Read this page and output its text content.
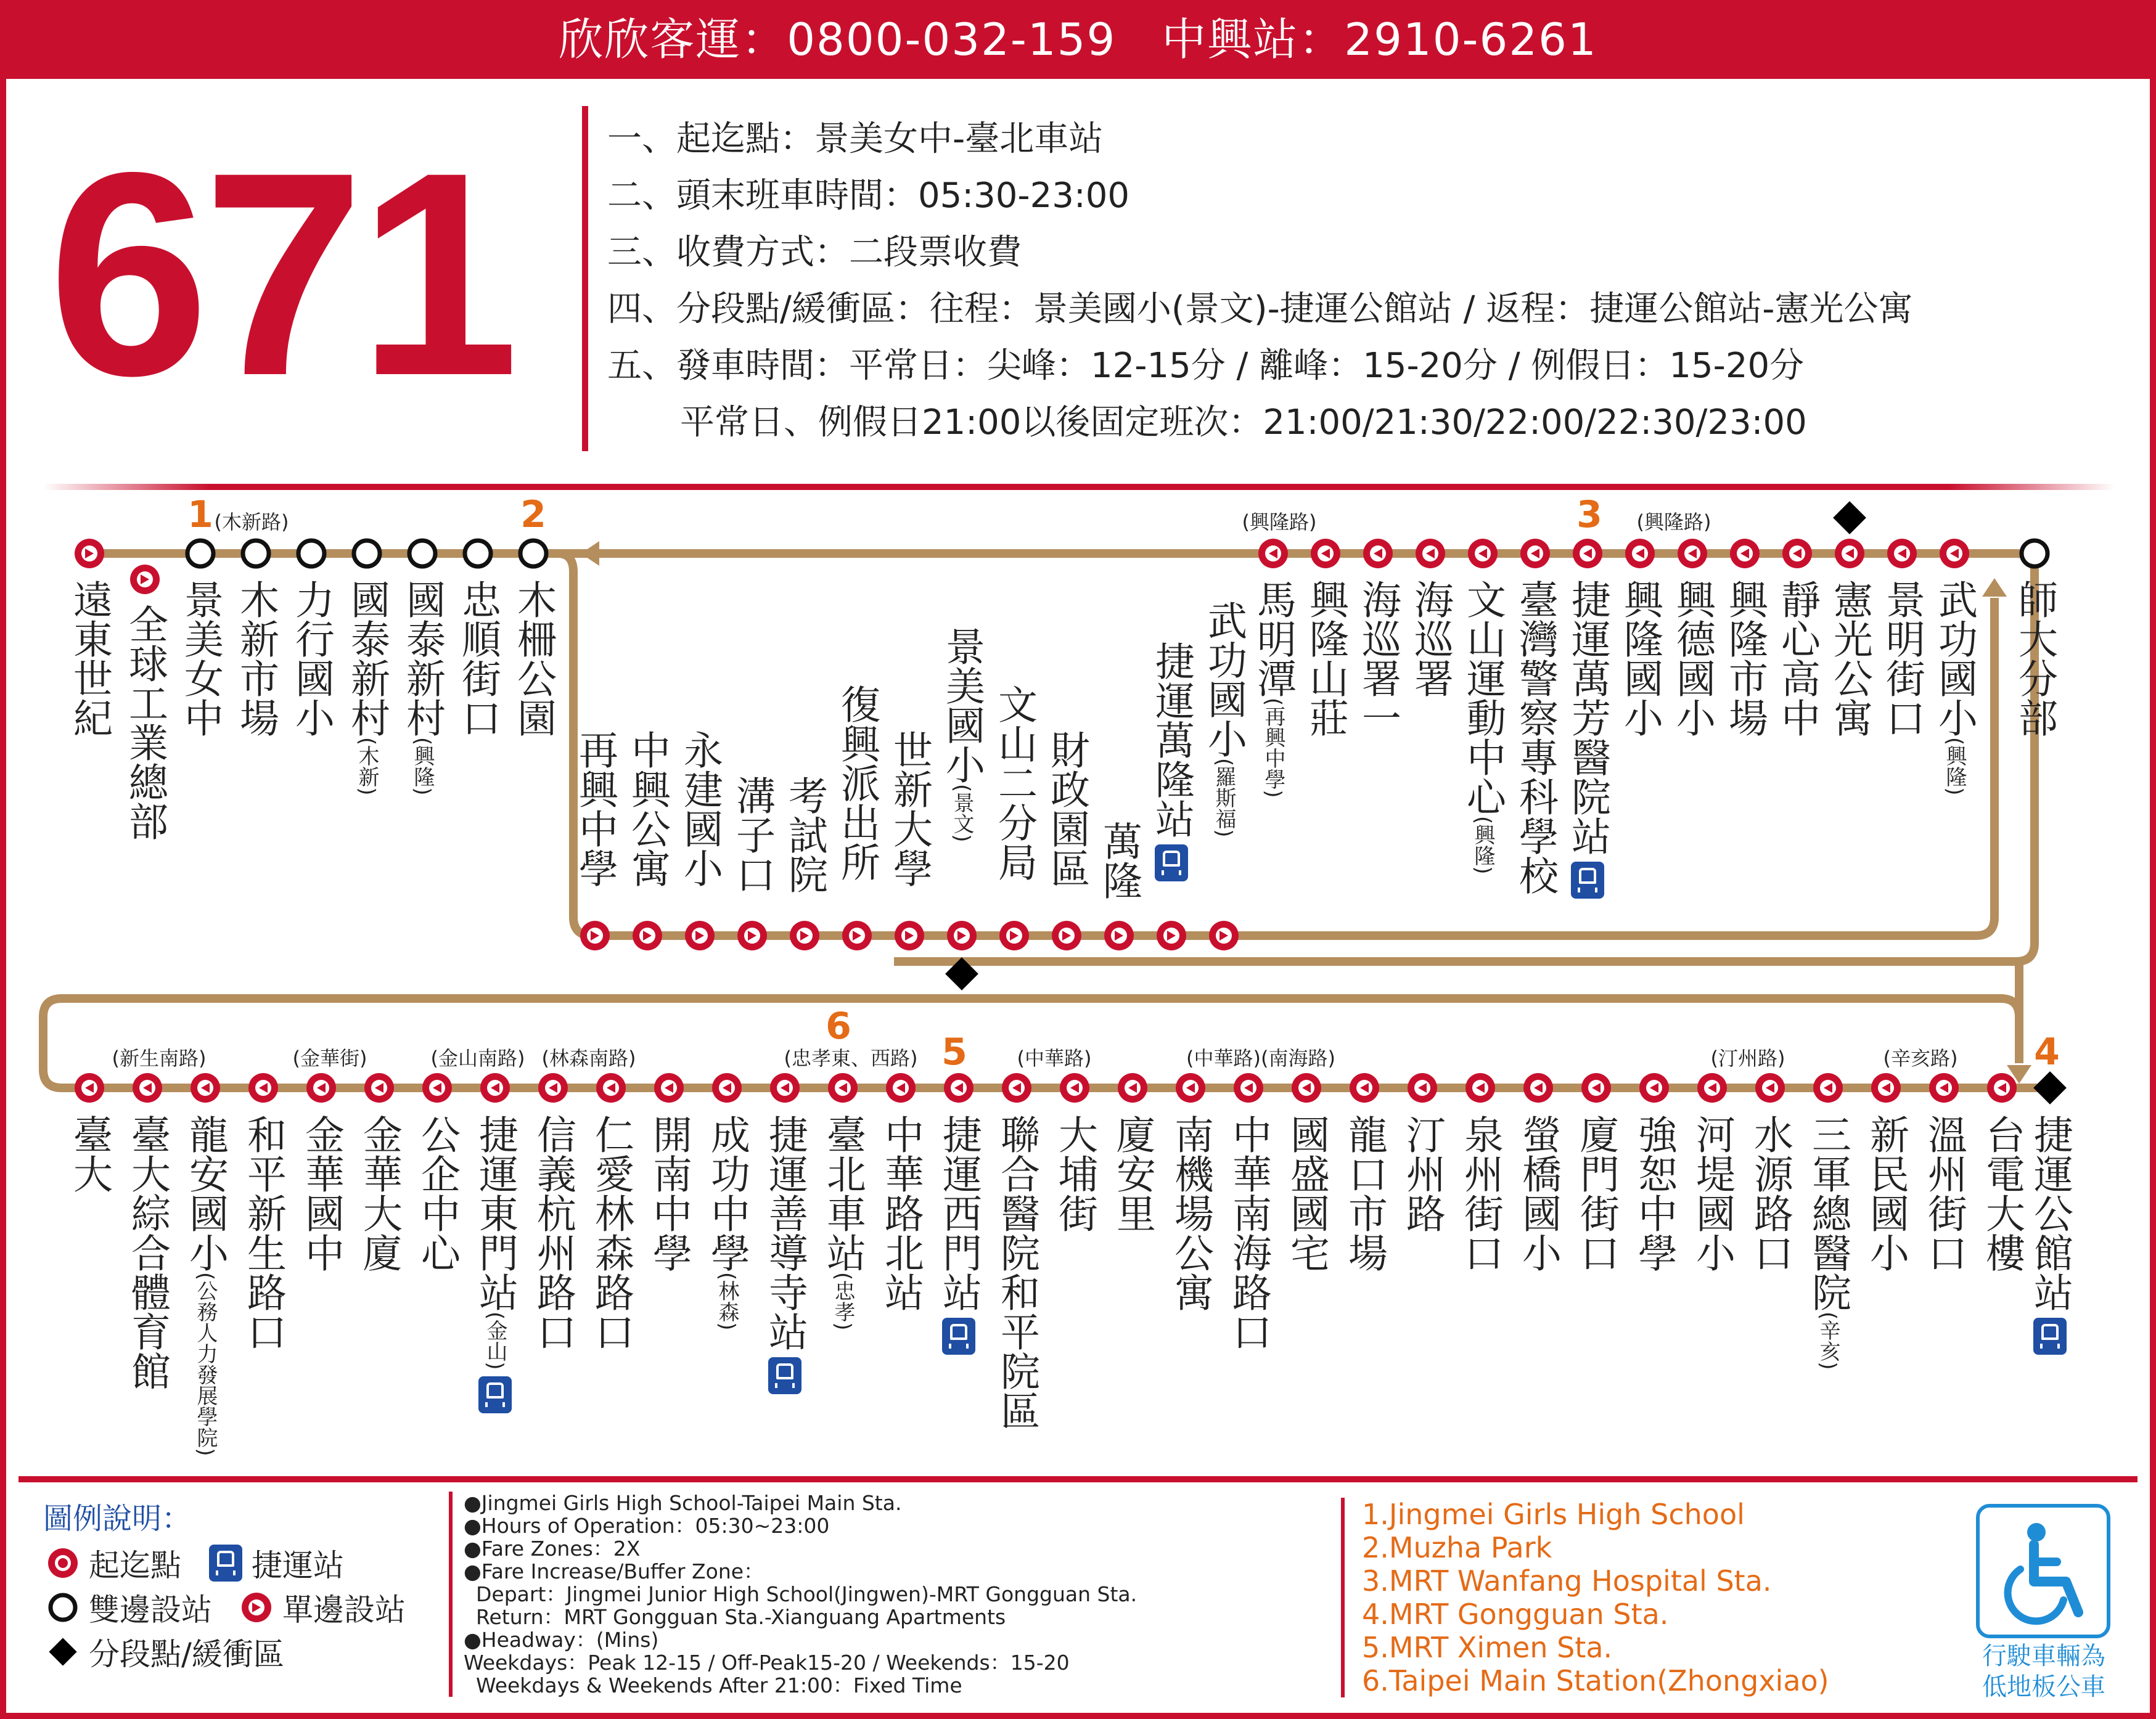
欣欣客運：0800-032-159　中興站：2910-6261
671	一、起迄點：景美女中-臺北車站
二、頭末班車時間：05:30-23:00
三、收費方式：二段票收費
四、分段點/緩衝區：往程：景美國小(景文)-捷運公館站 / 返程：捷運公館站-憲光公寓
五、發車時間：平常日：尖峰：12-15分 / 離峰：15-20分 / 例假日：15-20分
平常日、例假日21:00以後固定班次：21:00/21:30/22:00/22:30/23:00
1	2	3
4
5
6
(木新路)	(興隆路)	(興隆路)
(新生南路)	(金華街)	(金山南路) (林森南路)	(忠孝東、西路)	(中華路)	(中華路)(南海路)	(汀州路)	(辛亥路)
遠東世紀 全球工業總部 景美女中 木新市場 力行國小 國泰新村(木新)
國泰新村(興隆)
忠順街口 木柵公園	馬明潭(再興中學)
興隆山莊 海巡署一 海巡署 文山運動中心(興隆) 臺灣警察專科學校 捷運萬芳醫院站 興隆國小 興德國小 興隆市場 靜心高中 憲光公寓 景明街口 武功國小(興隆)
師大分部
再興中學 中興公寓 永建國小 溝子口 考試院 復興派出所 世新大學
景美國小(景文) 文山二分局 財政園區 萬隆
捷運萬隆站 武功國小(羅斯福)
臺大 臺大綜合體育館 龍安國小(公務人力發展學院)
和平新生路口 金華國中 金華大廈 公企中心 捷運東門站(金山) 信義杭州路口 仁愛林森路口 開南中學 成功中學(林森) 捷運善導寺站 臺北車站(忠孝) 中華路北站 捷運西門站 聯合醫院和平院區 大埔街 廈安里 南機場公寓 中華南海路口 國盛國宅 龍口市場 汀州路 泉州街口 螢橋國小 廈門街口 強恕中學 河堤國小 水源路口 三軍總醫院(辛亥)
新民國小 溫州街口 台電大樓 捷運公館站
圖例說明：
起迄點 捷運站
雙邊設站 單邊設站
分段點/緩衝區
●Jingmei Girls High School-Taipei Main Sta.
●Hours of Operation：05:30~23:00
●Fare Zones：2X
●Fare Increase/Buffer Zone：
Depart：Jingmei Junior High School(Jingwen)-MRT Gongguan Sta.
Return：MRT Gongguan Sta.-Xianguang Apartments
●Headway：(Mins)
Weekdays：Peak 12-15 / Off-Peak15-20 / Weekends：15-20
Weekdays & Weekends After 21:00：Fixed Time
1.Jingmei Girls High School
2.Muzha Park
3.MRT Wanfang Hospital Sta.
4.MRT Gongguan Sta.
5.MRT Ximen Sta.
6.Taipei Main Station(Zhongxiao)
行駛車輛為
低地板公車
